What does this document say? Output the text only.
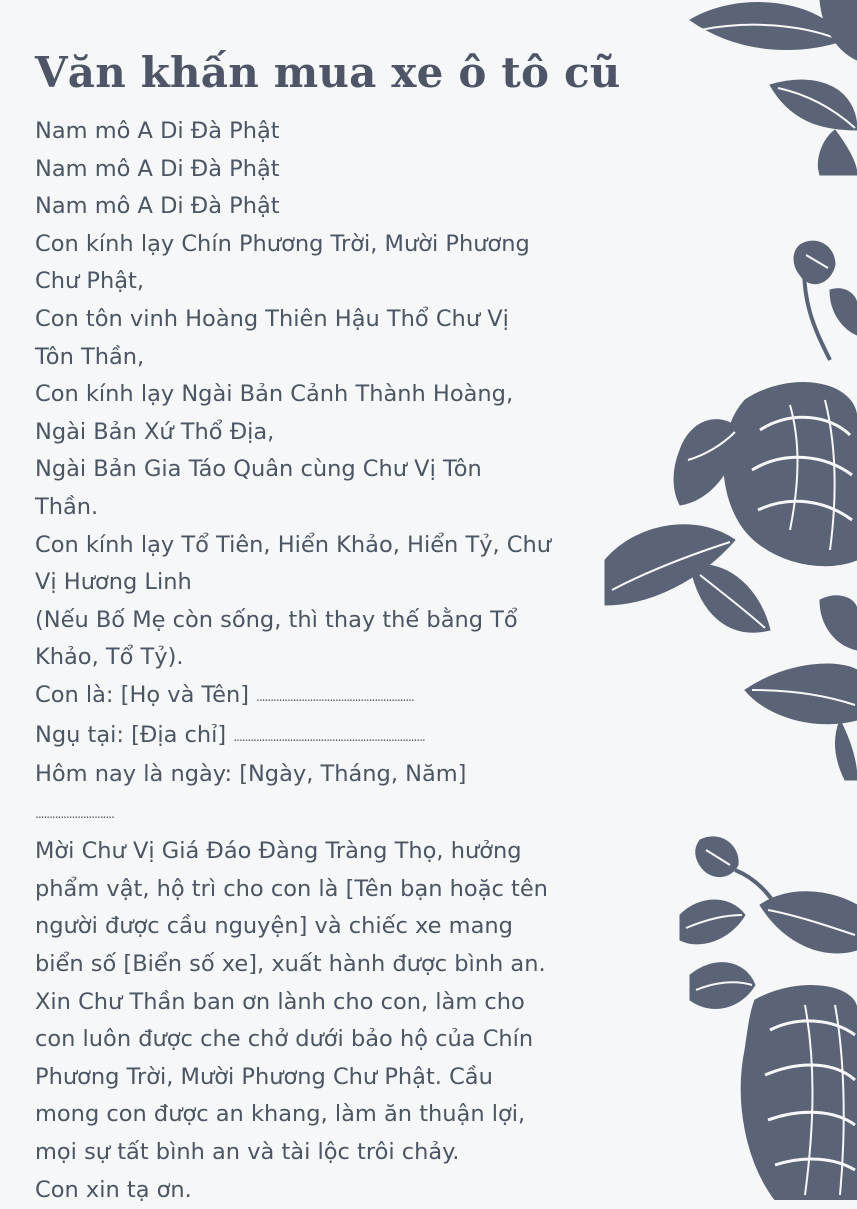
Văn khấn mua xe ô tô cũ
Nam mô A Di Đà Phật
Nam mô A Di Đà Phật
Nam mô A Di Đà Phật
Con kính lạy Chín Phương Trời, Mười Phương
Chư Phật,
Con tôn vinh Hoàng Thiên Hậu Thổ Chư Vị
Tôn Thần,
Con kính lạy Ngài Bản Cảnh Thành Hoàng,
Ngài Bản Xứ Thổ Địa,
Ngài Bản Gia Táo Quân cùng Chư Vị Tôn
Thần.
Con kính lạy Tổ Tiên, Hiển Khảo, Hiển Tỷ, Chư
Vị Hương Linh
(Nếu Bố Mẹ còn sống, thì thay thế bằng Tổ
Khảo, Tổ Tỷ).
Con là: [Họ và Tên] ........................................................
Ngụ tại: [Địa chỉ] ....................................................................
Hôm nay là ngày: [Ngày, Tháng, Năm]
............................
Mời Chư Vị Giá Đáo Đàng Tràng Thọ, hưởng
phẩm vật, hộ trì cho con là [Tên bạn hoặc tên
người được cầu nguyện] và chiếc xe mang
biển số [Biển số xe], xuất hành được bình an.
Xin Chư Thần ban ơn lành cho con, làm cho
con luôn được che chở dưới bảo hộ của Chín
Phương Trời, Mười Phương Chư Phật. Cầu
mong con được an khang, làm ăn thuận lợi,
mọi sự tất bình an và tài lộc trôi chảy.
Con xin tạ ơn.
